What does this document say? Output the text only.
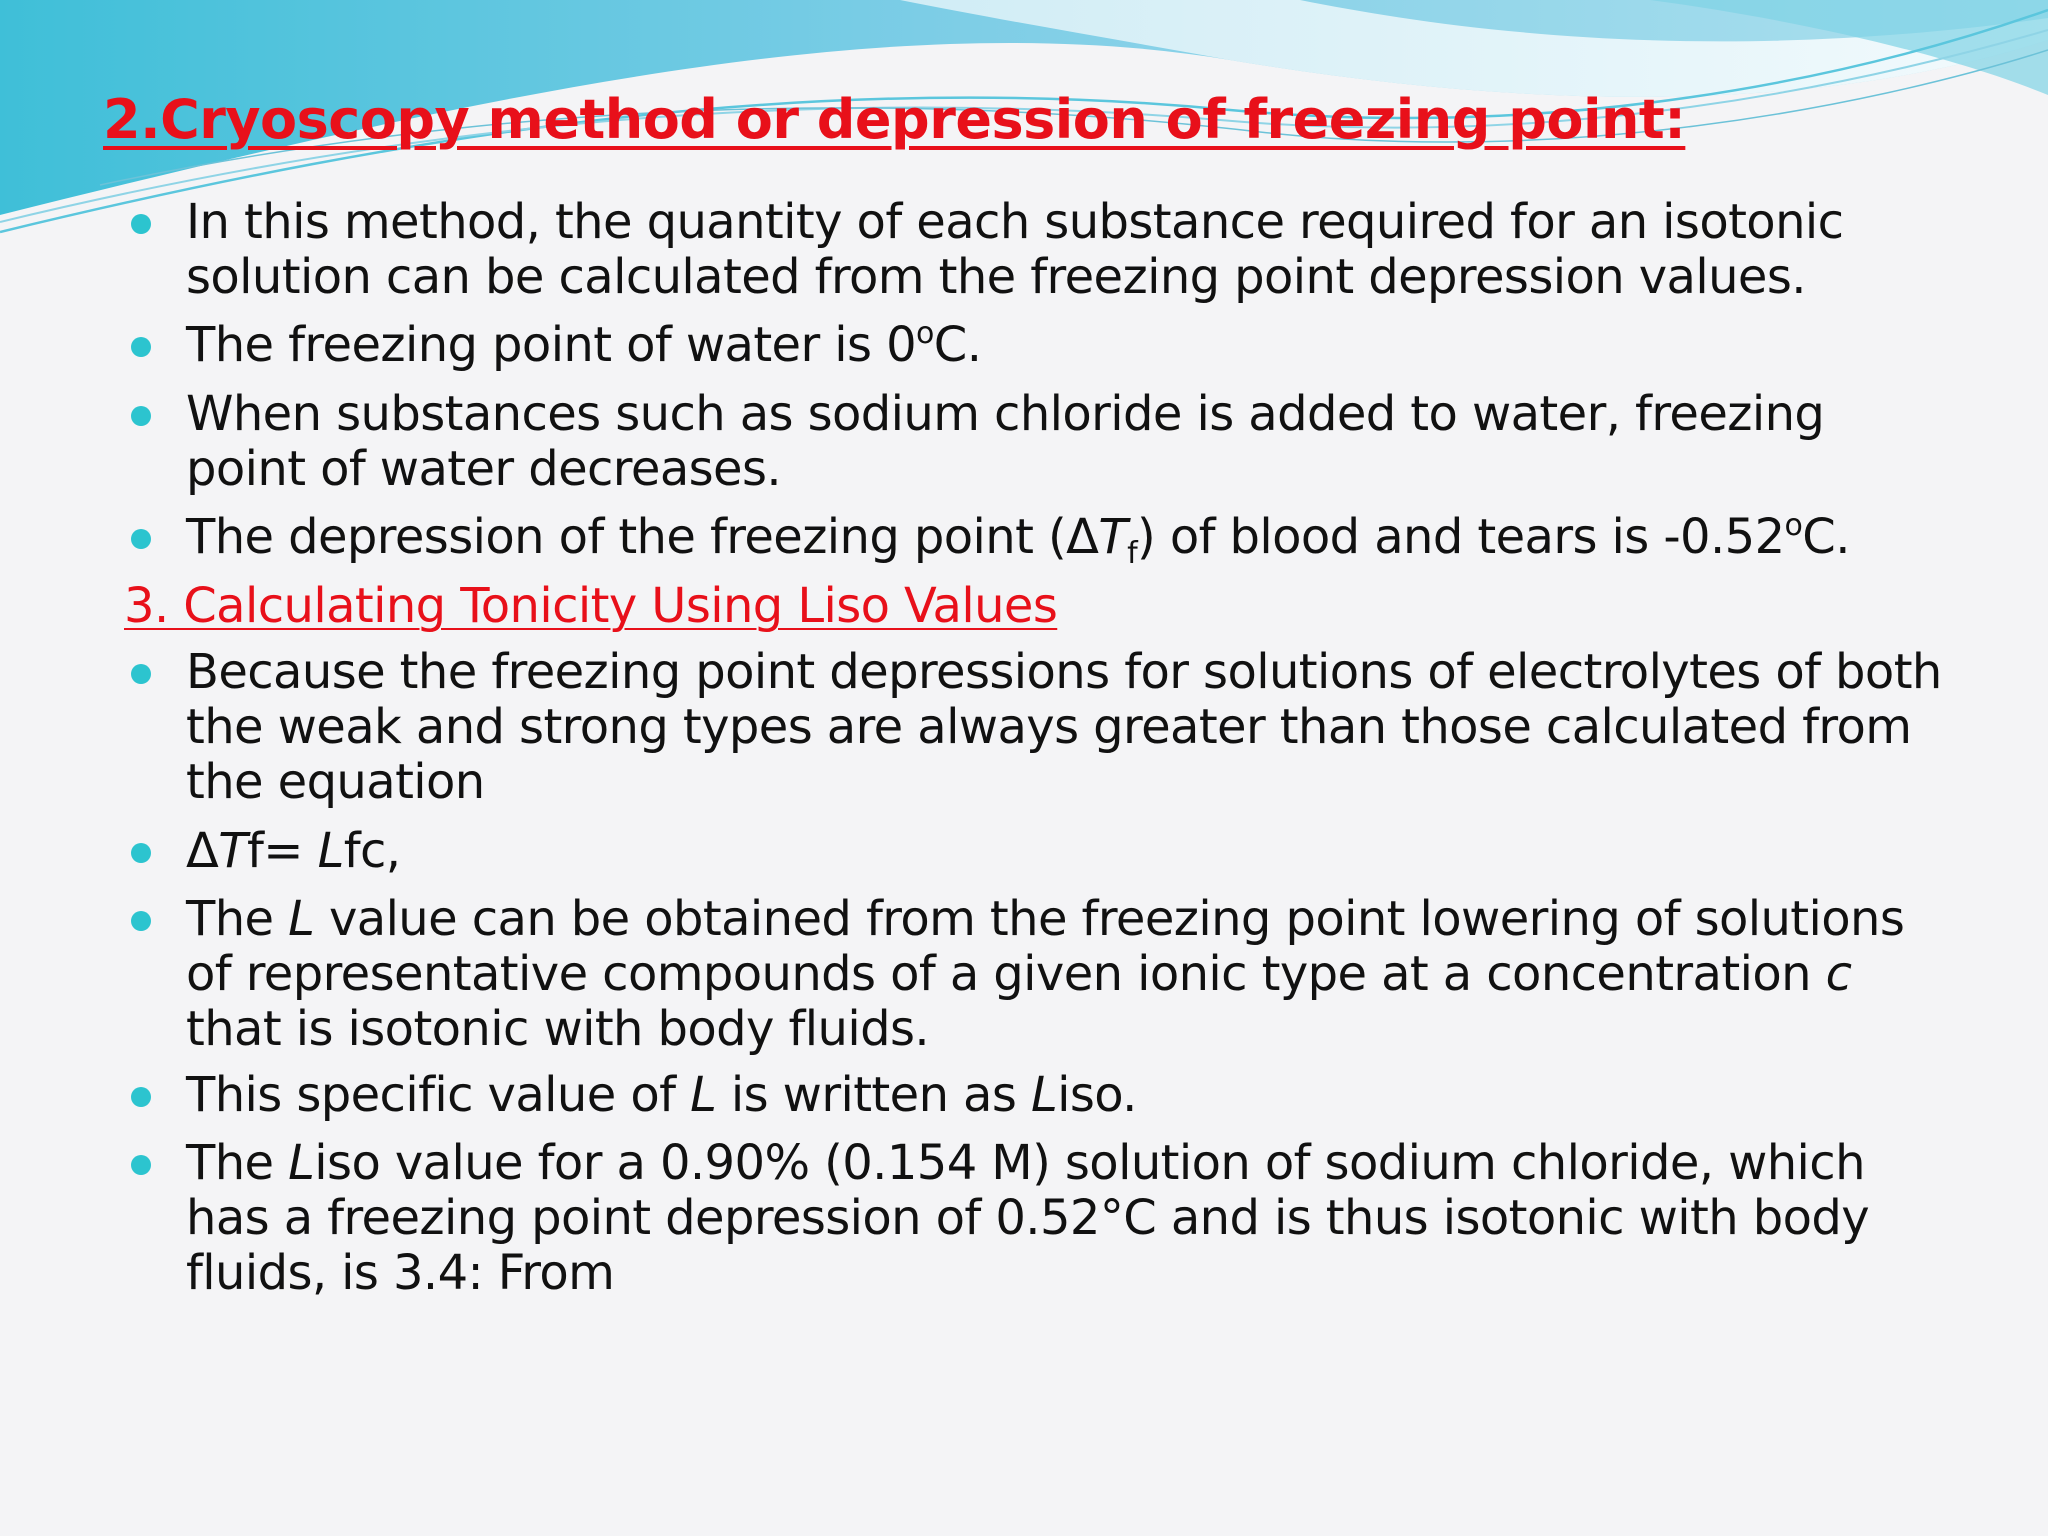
2.Cryoscopy method or depression of freezing point:
In this method, the quantity of each substance required for an isotonic solution can be calculated from the freezing point depression values.
The freezing point of water is 0$^o$C.
When substances such as sodium chloride is added to water, freezing point of water decreases.
The depression of the freezing point $(\Delta T_f)$ of blood and tears is -0.52$^o$C.
3. Calculating Tonicity Using Liso Values
Because the freezing point depressions for solutions of electrolytes of both the weak and strong types are always greater than those calculated from the equation
ΔTf= Lfc,
The L value can be obtained from the freezing point lowering of solutions of representative compounds of a given ionic type at a concentration c that is isotonic with body fluids.
This specific value of L is written as Liso.
The Liso value for a 0.90% (0.154 M) solution of sodium chloride, which has a freezing point depression of 0.52°C and is thus isotonic with body fluids, is 3.4: From
